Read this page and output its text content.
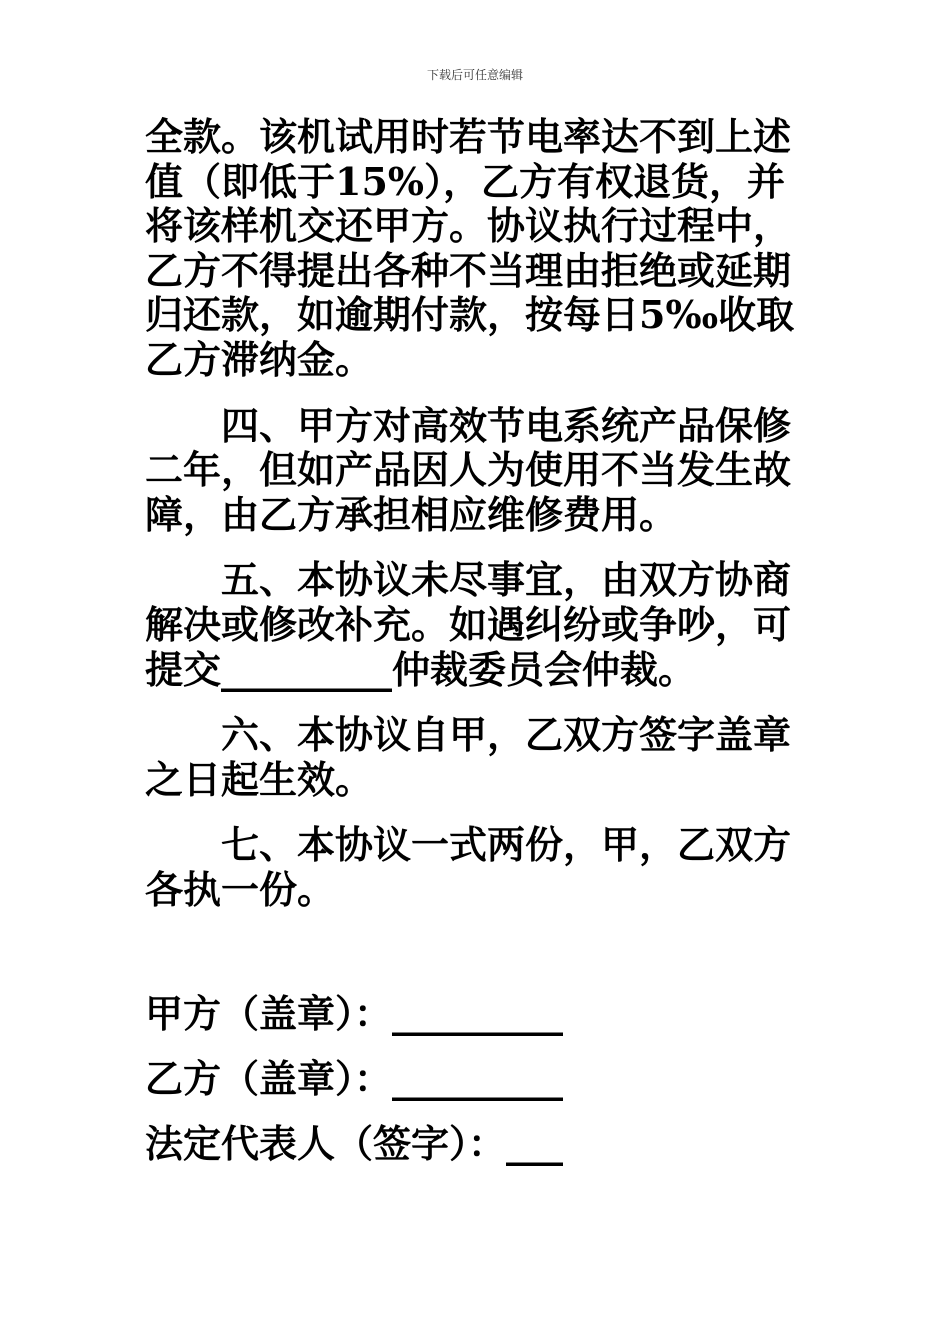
下载后可任意编辑
全款。该机试用时若节电率达不到上述
值（即低于15%），乙方有权退货，并
将该样机交还甲方。协议执行过程中，
乙方不得提出各种不当理由拒绝或延期
归还款，如逾期付款，按每日5‰收取
乙方滞纳金。
四、甲方对高效节电系统产品保修
二年，但如产品因人为使用不当发生故
障，由乙方承担相应维修费用。
五、本协议未尽事宜，由双方协商
解决或修改补充。如遇纠纷或争吵，可
提交_________仲裁委员会仲裁。
六、本协议自甲，乙双方签字盖章
之日起生效。
七、本协议一式两份，甲，乙双方
各执一份。
甲方（盖章）：_________
乙方（盖章）：_________
法定代表人（签字）：___
